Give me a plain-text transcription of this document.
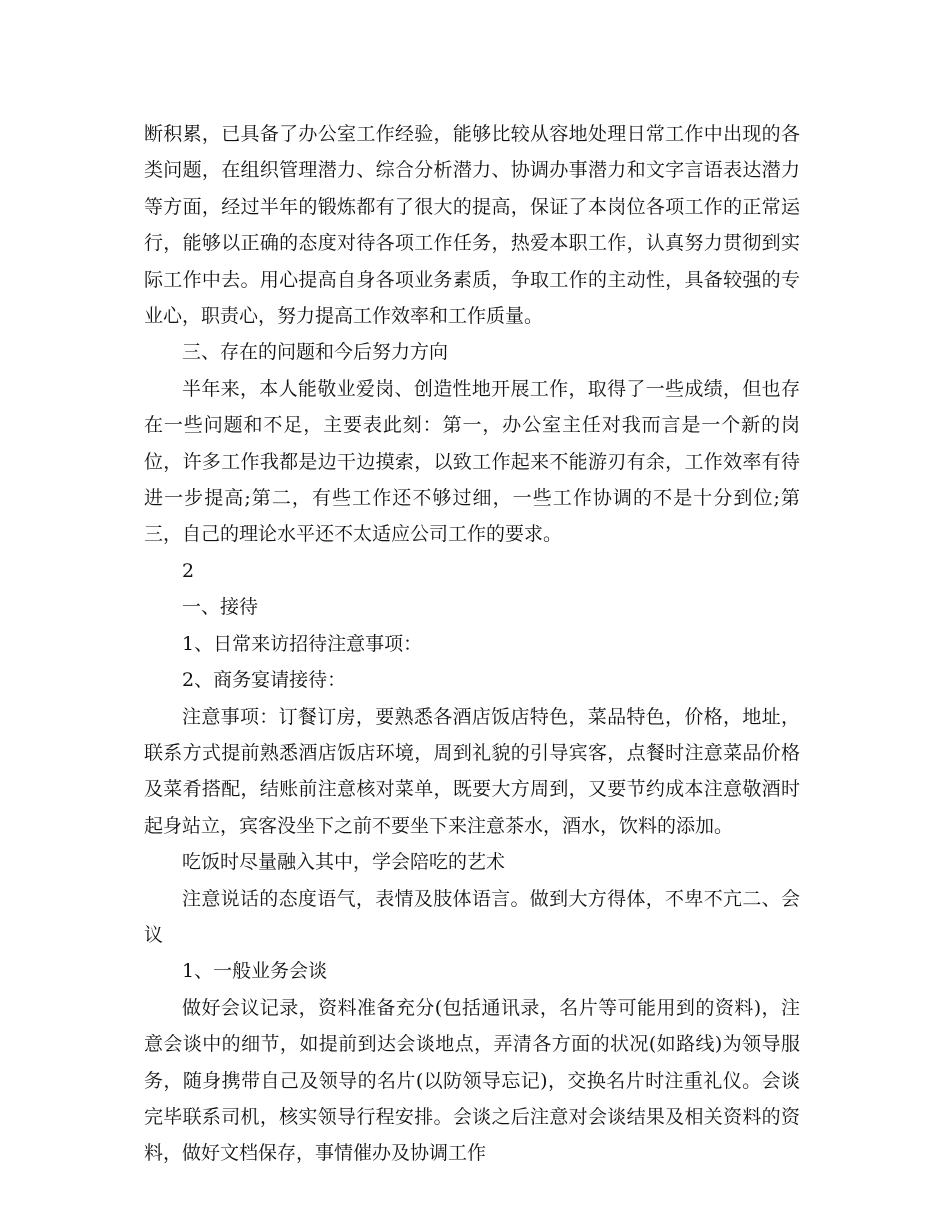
断积累，已具备了办公室工作经验，能够比较从容地处理日常工作中出现的各类问题，在组织管理潜力、综合分析潜力、协调办事潜力和文字言语表达潜力等方面，经过半年的锻炼都有了很大的提高，保证了本岗位各项工作的正常运行，能够以正确的态度对待各项工作任务，热爱本职工作，认真努力贯彻到实际工作中去。用心提高自身各项业务素质，争取工作的主动性，具备较强的专业心，职责心，努力提高工作效率和工作质量。

三、存在的问题和今后努力方向

半年来，本人能敬业爱岗、创造性地开展工作，取得了一些成绩，但也存在一些问题和不足，主要表此刻：第一，办公室主任对我而言是一个新的岗位，许多工作我都是边干边摸索，以致工作起来不能游刃有余，工作效率有待进一步提高;第二，有些工作还不够过细，一些工作协调的不是十分到位;第三，自己的理论水平还不太适应公司工作的要求。

2

一、接待

1、日常来访招待注意事项：

2、商务宴请接待：

注意事项：订餐订房，要熟悉各酒店饭店特色，菜品特色，价格，地址，联系方式提前熟悉酒店饭店环境，周到礼貌的引导宾客，点餐时注意菜品价格及菜肴搭配，结账前注意核对菜单，既要大方周到，又要节约成本注意敬酒时起身站立，宾客没坐下之前不要坐下来注意茶水，酒水，饮料的添加。

吃饭时尽量融入其中，学会陪吃的艺术

注意说话的态度语气，表情及肢体语言。做到大方得体，不卑不亢二、会议

1、一般业务会谈

做好会议记录，资料准备充分(包括通讯录，名片等可能用到的资料)，注意会谈中的细节，如提前到达会谈地点，弄清各方面的状况(如路线)为领导服务，随身携带自己及领导的名片(以防领导忘记)，交换名片时注重礼仪。会谈完毕联系司机，核实领导行程安排。会谈之后注意对会谈结果及相关资料的资料，做好文档保存，事情催办及协调工作
